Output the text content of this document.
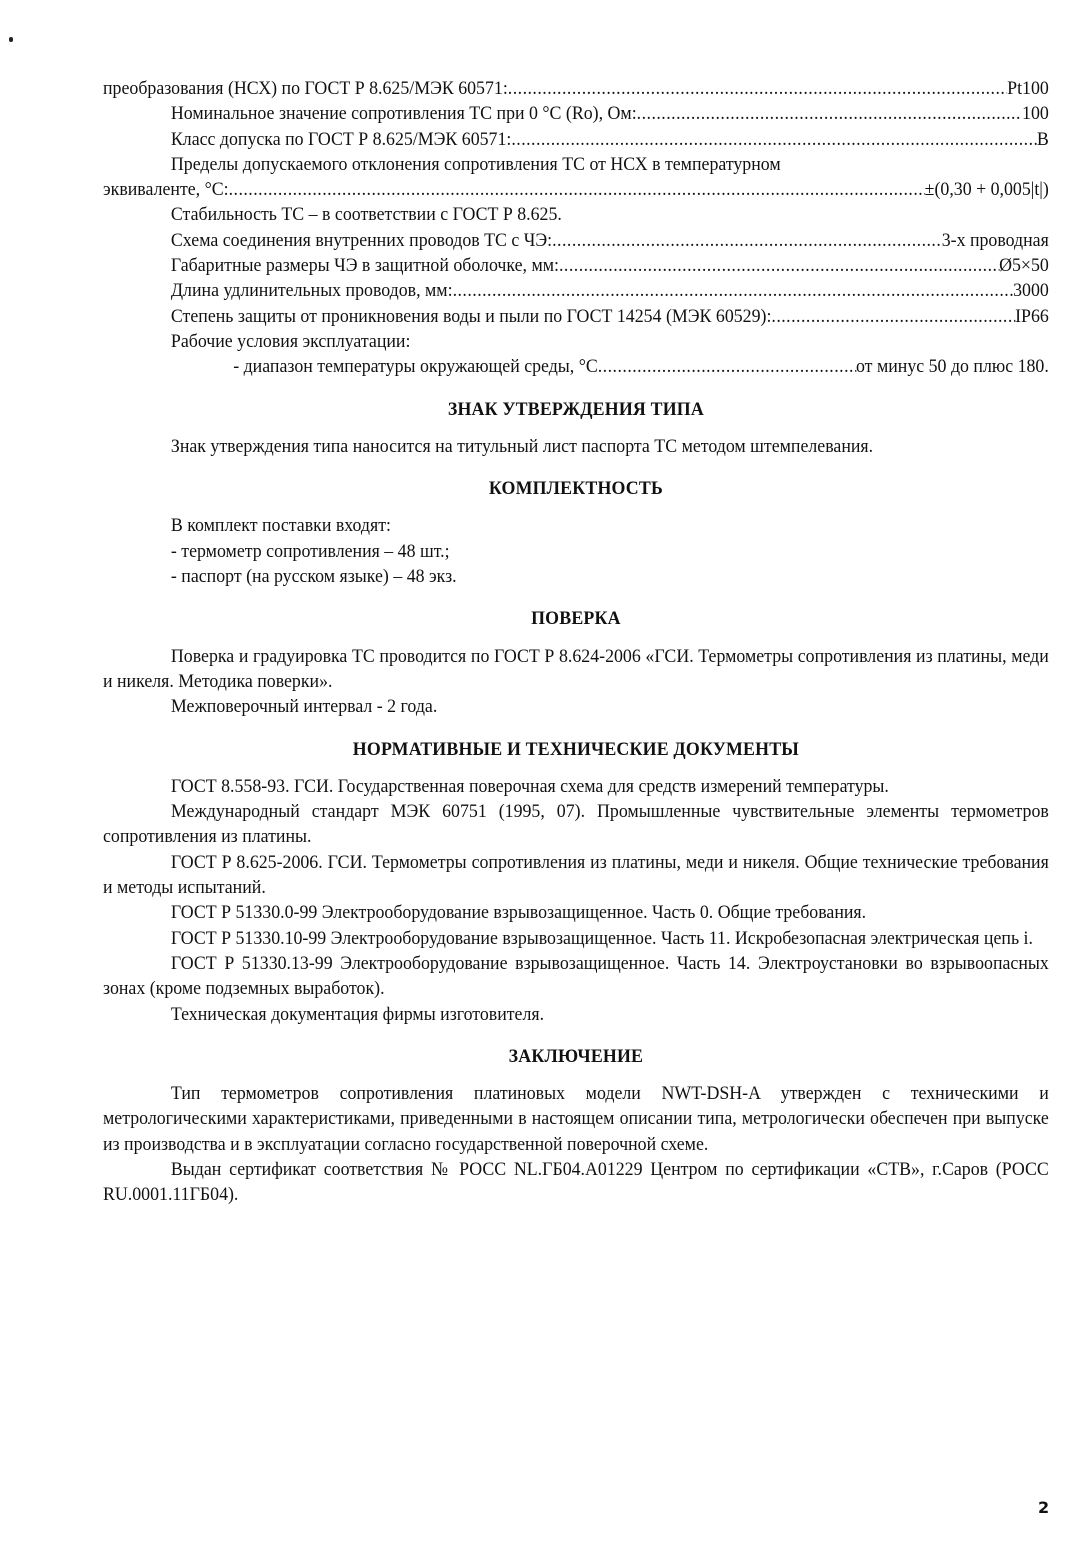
преобразования (НСХ) по ГОСТ Р 8.625/МЭК 60571: .....	Pt100
Номинальное значение сопротивления ТС при 0 °С (Ro), Ом: .....	100
Класс допуска по ГОСТ Р 8.625/МЭК 60571: .....	B
Пределы допускаемого отклонения сопротивления ТС от НСХ в температурном
эквиваленте, °С: .....	±(0,30 + 0,005|t|)
Стабильность ТС – в соответствии с ГОСТ Р 8.625.
Схема соединения внутренних проводов ТС с ЧЭ: .....	3-х проводная
Габаритные размеры ЧЭ в защитной оболочке, мм: .....	Ø5×50
Длина удлинительных проводов, мм: .....	3000
Степень защиты от проникновения воды и пыли по ГОСТ 14254 (МЭК 60529): .....	IP66
Рабочие условия эксплуатации:
- диапазон температуры окружающей среды, °С .....	от минус 50 до плюс 180.
ЗНАК УТВЕРЖДЕНИЯ ТИПА
Знак утверждения типа наносится на титульный лист паспорта ТС методом штемпелевания.
КОМПЛЕКТНОСТЬ
В комплект поставки входят:
- термометр сопротивления – 48 шт.;
- паспорт (на русском языке) – 48 экз.
ПОВЕРКА
Поверка и градуировка ТС проводится по ГОСТ Р 8.624-2006 «ГСИ. Термометры сопротивления из платины, меди и никеля. Методика поверки».
Межповерочный интервал - 2 года.
НОРМАТИВНЫЕ И ТЕХНИЧЕСКИЕ ДОКУМЕНТЫ
ГОСТ 8.558-93. ГСИ. Государственная поверочная схема для средств измерений температуры.
Международный стандарт МЭК 60751 (1995, 07). Промышленные чувствительные элементы термометров сопротивления из платины.
ГОСТ Р 8.625-2006. ГСИ. Термометры сопротивления из платины, меди и никеля. Общие технические требования и методы испытаний.
ГОСТ Р 51330.0-99 Электрооборудование взрывозащищенное. Часть 0. Общие требования.
ГОСТ Р 51330.10-99 Электрооборудование взрывозащищенное. Часть 11. Искробезопасная электрическая цепь i.
ГОСТ Р 51330.13-99 Электрооборудование взрывозащищенное. Часть 14. Электроустановки во взрывоопасных зонах (кроме подземных выработок).
Техническая документация фирмы изготовителя.
ЗАКЛЮЧЕНИЕ
Тип термометров сопротивления платиновых модели NWT-DSH-A утвержден с техническими и метрологическими характеристиками, приведенными в настоящем описании типа, метрологически обеспечен при выпуске из производства и в эксплуатации согласно государственной поверочной схеме.
Выдан сертификат соответствия № РОСС NL.ГБ04.А01229 Центром по сертификации «СТВ», г.Саров (РОСС RU.0001.11ГБ04).
2
